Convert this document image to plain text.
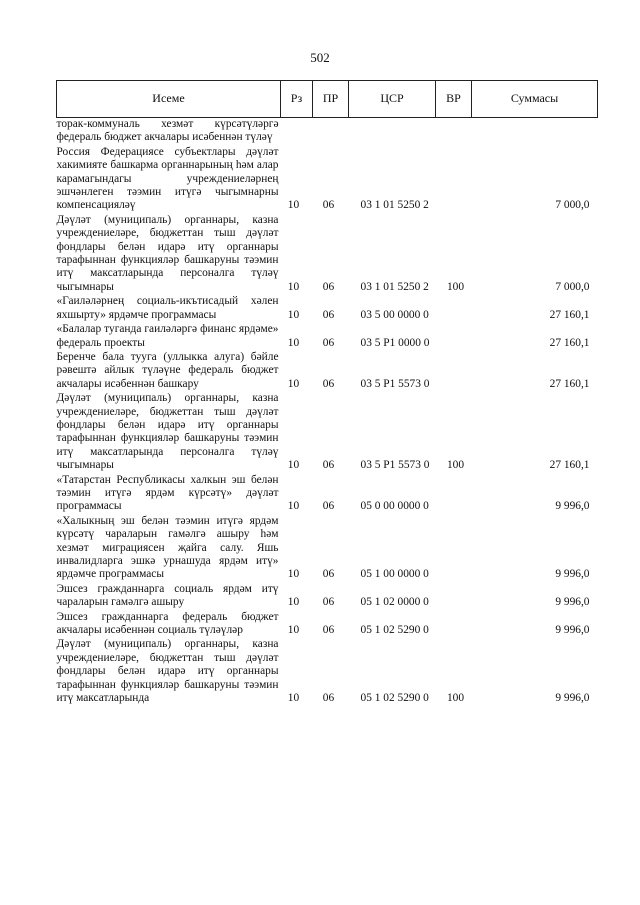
502
Исеме	Рз	ПР	ЦСР	ВР	Суммасы
торак-коммуналь хезмәт күрсәтүләргә федераль бюджет акчалары исәбеннән түләү					
Россия Федерациясе субъектлары дәүләт хакимияте башкарма органнарының һәм алар карамагындагы учреждениеләрнең эшчәнлеген тәэмин итүгә чыгымнарны компенсацияләү	10	06	03 1 01 5250 2		7 000,0
Дәүләт (муниципаль) органнары, казна учреждениеләре, бюджеттан тыш дәүләт фондлары белән идарә итү органнары тарафыннан функцияләр башкаруны тәэмин итү максатларында персоналга түләү чыгымнары	10	06	03 1 01 5250 2	100	7 000,0
«Гаиләләрнең социаль-икътисадый хәлен яхшырту» ярдәмче программасы	10	06	03 5 00 0000 0		27 160,1
«Балалар туганда гаиләләргә финанс ярдәме» федераль проекты	10	06	03 5 P1 0000 0		27 160,1
Беренче бала туугa (уллыкка алуга) бәйле рәвештә айлык түләүне федераль бюджет акчалары исәбеннән башкару	10	06	03 5 P1 5573 0		27 160,1
Дәүләт (муниципаль) органнары, казна учреждениеләре, бюджеттан тыш дәүләт фондлары белән идарә итү органнары тарафыннан функцияләр башкаруны тәэмин итү максатларында персоналга түләү чыгымнары	10	06	03 5 P1 5573 0	100	27 160,1
«Татарстан Республикасы халкын эш белән тәэмин итүгә ярдәм күрсәтү» дәүләт программасы	10	06	05 0 00 0000 0		9 996,0
«Халыкның эш белән тәэмин итүгә ярдәм күрсәтү чараларын гамәлгә ашыру һәм хезмәт миграциясен җайга салу. Яшь инвалидларга эшкә урнашуда ярдәм итү» ярдәмче программасы	10	06	05 1 00 0000 0		9 996,0
Эшсез гражданнарга социаль ярдәм итү чараларын гамәлгә ашыру	10	06	05 1 02 0000 0		9 996,0
Эшсез гражданнарга федераль бюджет акчалары исәбеннән социаль түләүләр	10	06	05 1 02 5290 0		9 996,0
Дәүләт (муниципаль) органнары, казна учреждениеләре, бюджеттан тыш дәүләт фондлары белән идарә итү органнары тарафыннан функцияләр башкаруны тәэмин итү максатларында	10	06	05 1 02 5290 0	100	9 996,0
